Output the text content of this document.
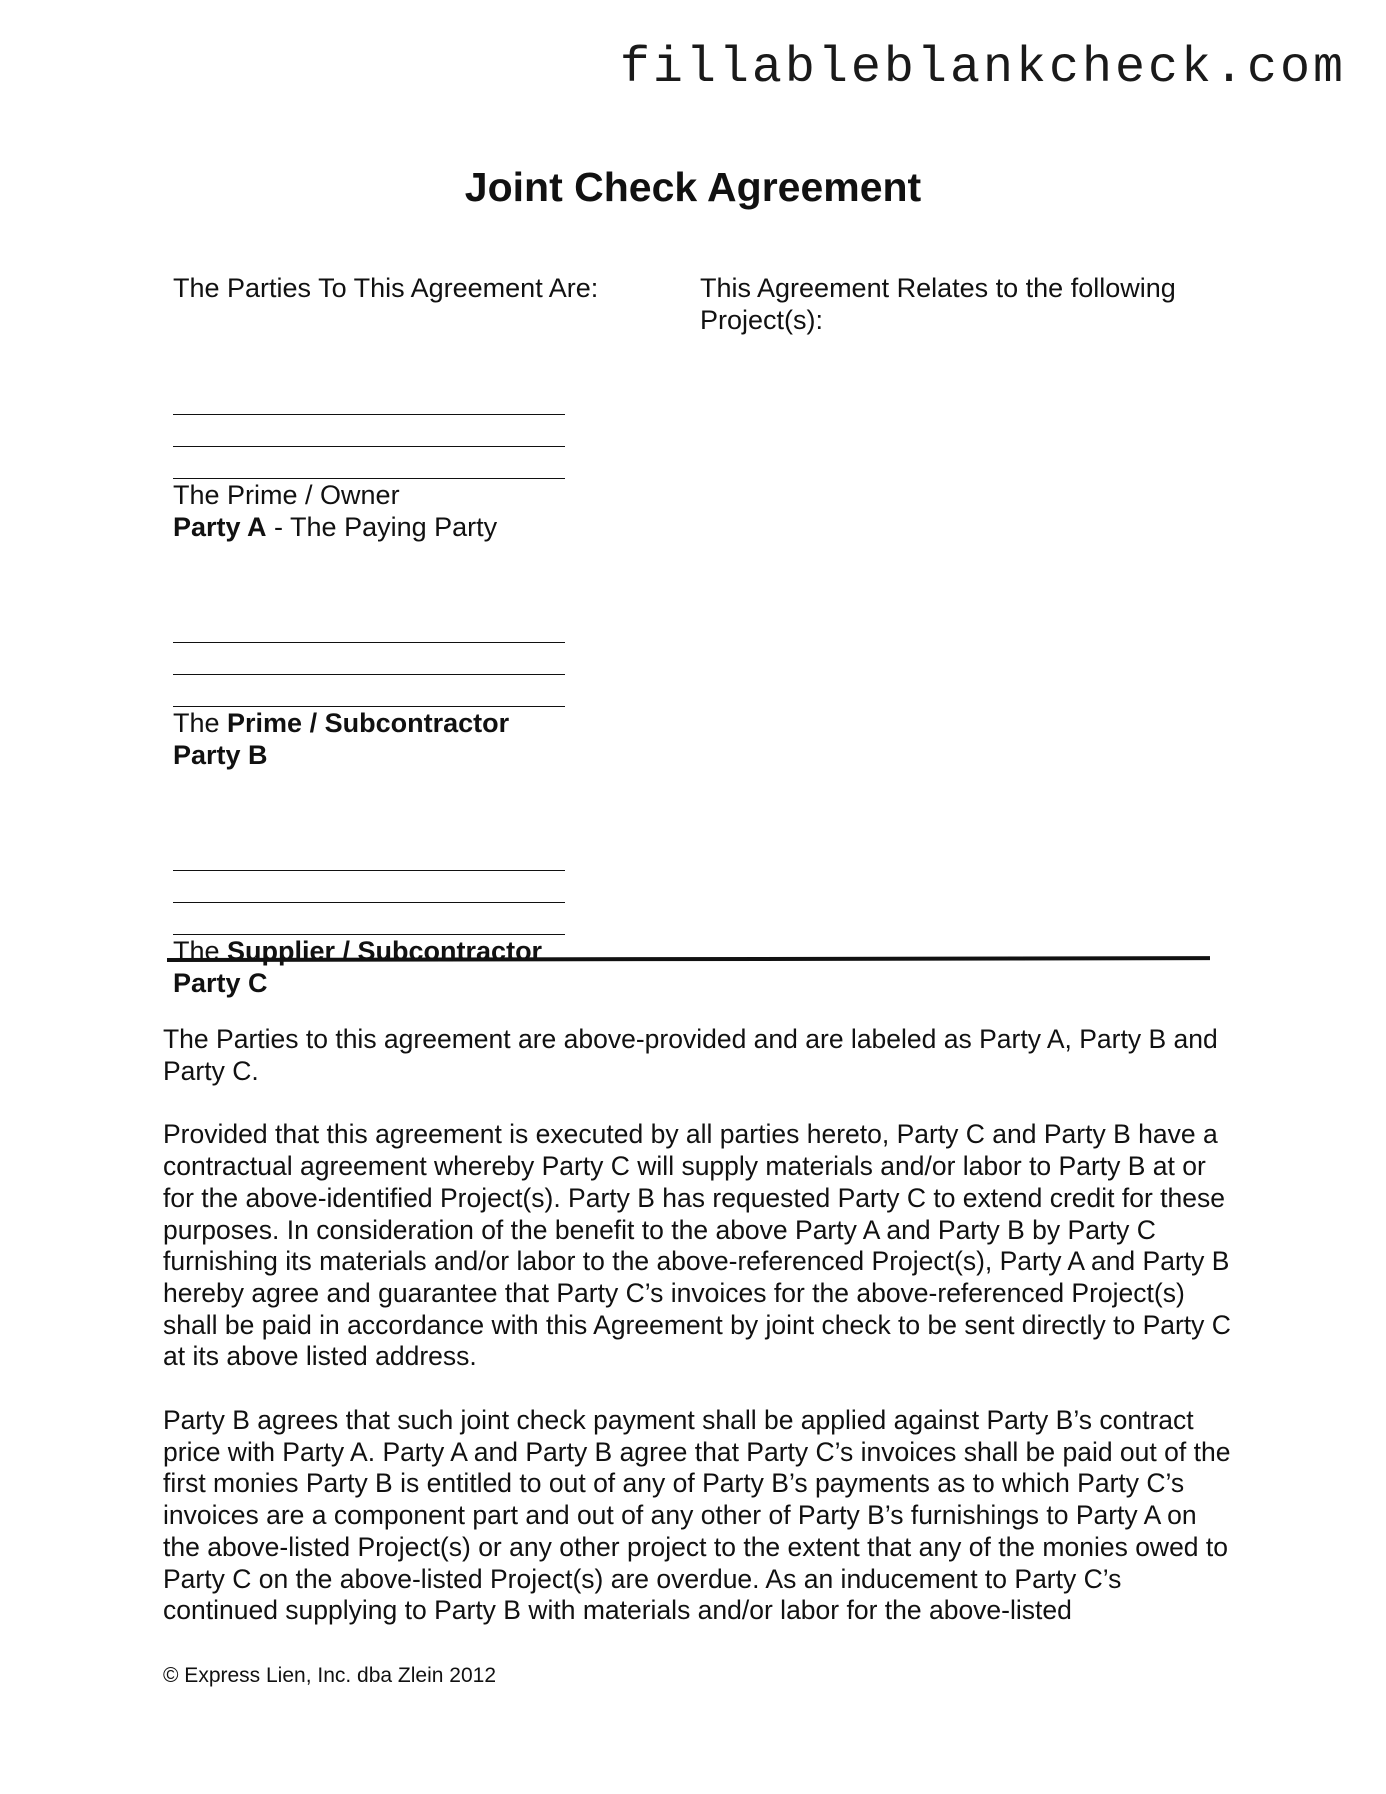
fillableblankcheck.com
Joint Check Agreement
The Parties To This Agreement Are:
The Prime / Owner
Party A - The Paying Party
The Prime / Subcontractor
Party B
The Supplier / Subcontractor
Party C
This Agreement Relates to the following Project(s):

The Parties to this agreement are above-provided and are labeled as Party A, Party B and Party C.

Provided that this agreement is executed by all parties hereto, Party C and Party B have a contractual agreement whereby Party C will supply materials and/or labor to Party B at or for the above-identified Project(s). Party B has requested Party C to extend credit for these purposes. In consideration of the benefit to the above Party A and Party B by Party C furnishing its materials and/or labor to the above-referenced Project(s), Party A and Party B hereby agree and guarantee that Party C’s invoices for the above-referenced Project(s) shall be paid in accordance with this Agreement by joint check to be sent directly to Party C at its above listed address.

Party B agrees that such joint check payment shall be applied against Party B’s contract price with Party A. Party A and Party B agree that Party C’s invoices shall be paid out of the first monies Party B is entitled to out of any of Party B’s payments as to which Party C’s invoices are a component part and out of any other of Party B’s furnishings to Party A on the above-listed Project(s) or any other project to the extent that any of the monies owed to Party C on the above-listed Project(s) are overdue. As an inducement to Party C’s continued supplying to Party B with materials and/or labor for the above-listed

© Express Lien, Inc. dba Zlein 2012
